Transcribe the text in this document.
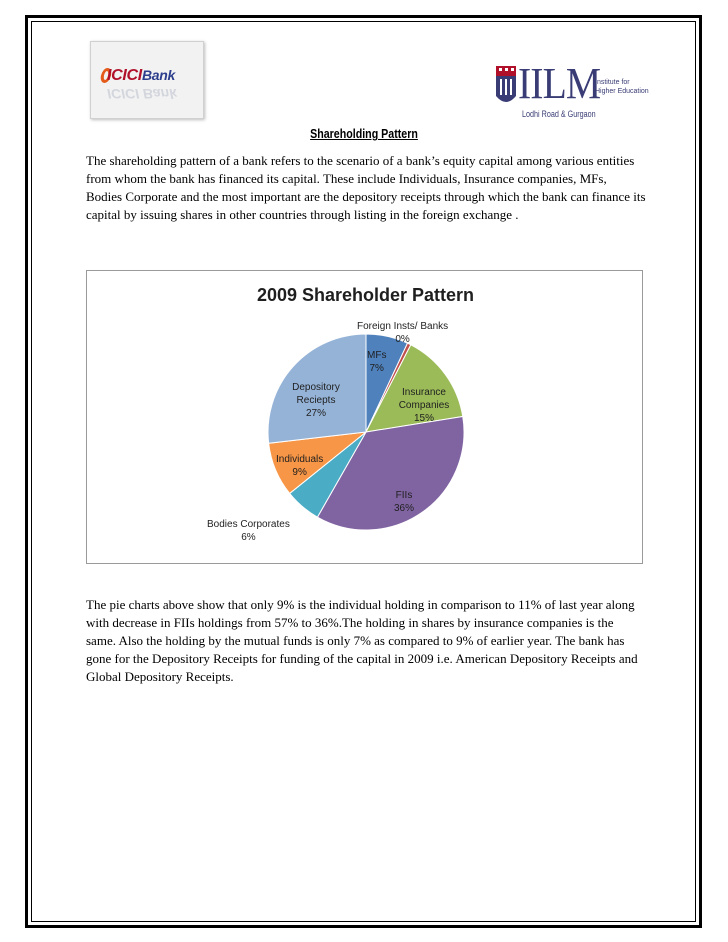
ICICIBank
ICICI Bank	IILM
Institute for
Higher Education
Lodhi Road & Gurgaon
Shareholding Pattern

The shareholding pattern of a bank refers to the scenario of a bank’s equity capital among various entities from whom the bank has financed its capital. These include Individuals, Insurance companies, MFs, Bodies Corporate and the most important are the depository receipts through which the bank can finance its capital by issuing shares in other countries through listing in the foreign exchange .

2009 Shareholder Pattern
Foreign Insts/ Banks
0%
MFs
7%
Insurance Companies
15%
Depository Reciepts
27%
Individuals
9%
FIIs
36%
Bodies Corporates
6%

The pie charts above show that only 9% is the individual holding in comparison to 11% of last year along with decrease in FIIs holdings from 57% to 36%.The holding in shares by insurance companies is the same. Also the holding by the mutual funds is only 7% as compared to 9% of earlier year. The bank has gone for the Depository Receipts for funding of the capital in 2009 i.e. American Depository Receipts and Global Depository Receipts.
